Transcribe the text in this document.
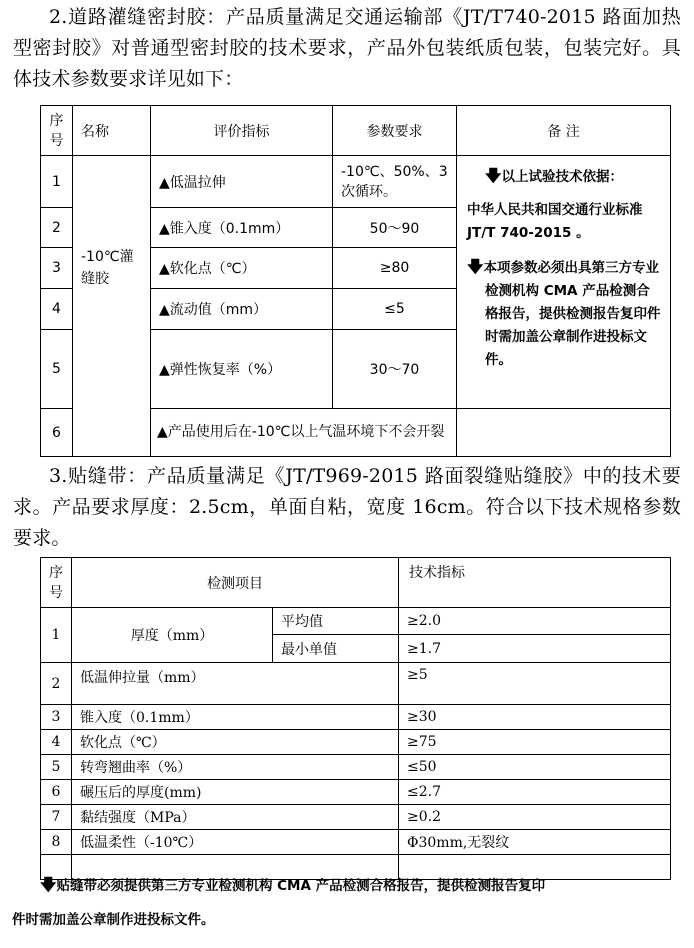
2.道路灌缝密封胶：产品质量满足交通运输部《JT/T740-2015 路面加热型密封胶》对普通型密封胶的技术要求，产品外包装纸质包装，包装完好。具体技术参数要求详见如下：
序号	名称	评价指标	参数要求	备 注
1	-10℃灌缝胶	▲低温拉伸	-10℃、50%、3次循环。	🡇以上试验技术依据：

中华人民共和国交通行业标准 JT/T 740-2015 。

🡇本项参数必须出具第三方专业检测机构 CMA 产品检测合格报告，提供检测报告复印件时需加盖公章制作进投标文件。

2		▲锥入度（0.1mm）	50～90	
3		▲软化点（℃）	≥80	
4		▲流动值（mm）	≤5	
5		▲弹性恢复率（%）	30～70	
6		▲产品使用后在-10℃以上气温环境下不会开裂		
3.贴缝带：产品质量满足《JT/T969-2015 路面裂缝贴缝胶》中的技术要求。产品要求厚度：2.5cm，单面自粘，宽度 16cm。符合以下技术规格参数要求。
序号	检测项目		技术指标
1	厚度（mm）	平均值	≥2.0
		最小单值	≥1.7
2	低温伸拉量（mm）		≥5
3	锥入度（0.1mm）		≥30
4	软化点（℃）		≥75
5	转弯翘曲率（%）		≤50
6	碾压后的厚度(mm)		≤2.7
7	黏结强度（MPa）		≥0.2
8	低温柔性（-10℃）		Φ30mm,无裂纹

🡇贴缝带必须提供第三方专业检测机构 CMA 产品检测合格报告，提供检测报告复印
件时需加盖公章制作进投标文件。
